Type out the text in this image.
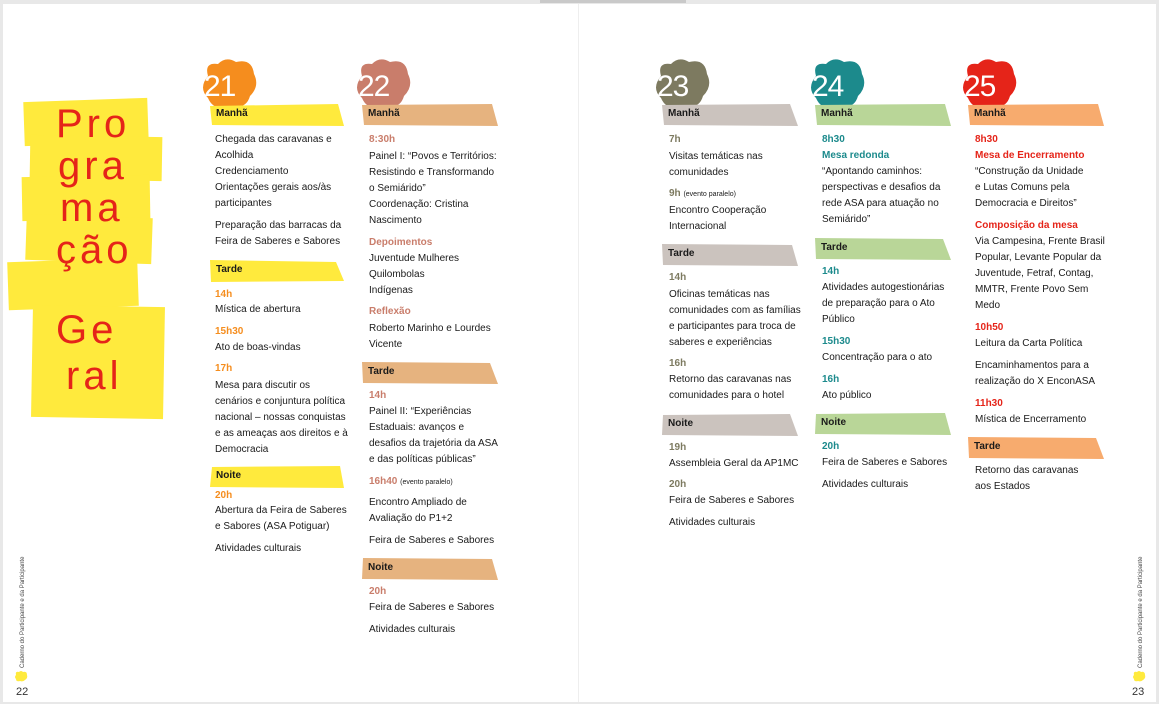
Pro
gra
ma
ção
Ge
ral
21	22	23	24	25
Manhã
Chegada das caravanas e
Acolhida
Credenciamento
Orientações gerais aos/às
participantes
Preparação das barracas da
Feira de Saberes e Sabores
Tarde
14h
Mística de abertura
15h30
Ato de boas-vindas
17h
Mesa para discutir os
cenários e conjuntura política
nacional – nossas conquistas
e as ameaças aos direitos e à
Democracia
Noite
20h
Abertura da Feira de Saberes
e Sabores (ASA Potiguar)
Atividades culturais
Manhã
8:30h
Painel I: “Povos e Territórios:
Resistindo e Transformando
o Semiárido”
Coordenação: Cristina
Nascimento
Depoimentos
Juventude Mulheres
Quilombolas
Indígenas
Reflexão
Roberto Marinho e Lourdes
Vicente
Tarde
14h
Painel II: “Experiências
Estaduais: avanços e
desafios da trajetória da ASA
e das políticas públicas”
16h40 (evento paralelo)
Encontro Ampliado de
Avaliação do P1+2
Feira de Saberes e Sabores
Noite
20h
Feira de Saberes e Sabores
Atividades culturais
Manhã
7h
Visitas temáticas nas
comunidades
9h (evento paralelo)
Encontro Cooperação
Internacional
Tarde
14h
Oficinas temáticas nas
comunidades com as famílias
e participantes para troca de
saberes e experiências
16h
Retorno das caravanas nas
comunidades para o hotel
Noite
19h
Assembleia Geral da AP1MC
20h
Feira de Saberes e Sabores
Atividades culturais
Manhã
8h30
Mesa redonda
“Apontando caminhos:
perspectivas e desafios da
rede ASA para atuação no
Semiárido”
Tarde
14h
Atividades autogestionárias
de preparação para o Ato
Público
15h30
Concentração para o ato
16h
Ato público
Noite
20h
Feira de Saberes e Sabores
Atividades culturais
Manhã
8h30
Mesa de Encerramento
“Construção da Unidade
e Lutas Comuns pela
Democracia e Direitos”
Composição da mesa
Via Campesina, Frente Brasil
Popular, Levante Popular da
Juventude, Fetraf, Contag,
MMTR, Frente Povo Sem
Medo
10h50
Leitura da Carta Política
Encaminhamentos para a
realização do X EnconASA
11h30
Mística de Encerramento
Tarde
Retorno das caravanas
aos Estados
Caderno do Participante e da Participante
22
Caderno do Participante e da Participante
23
